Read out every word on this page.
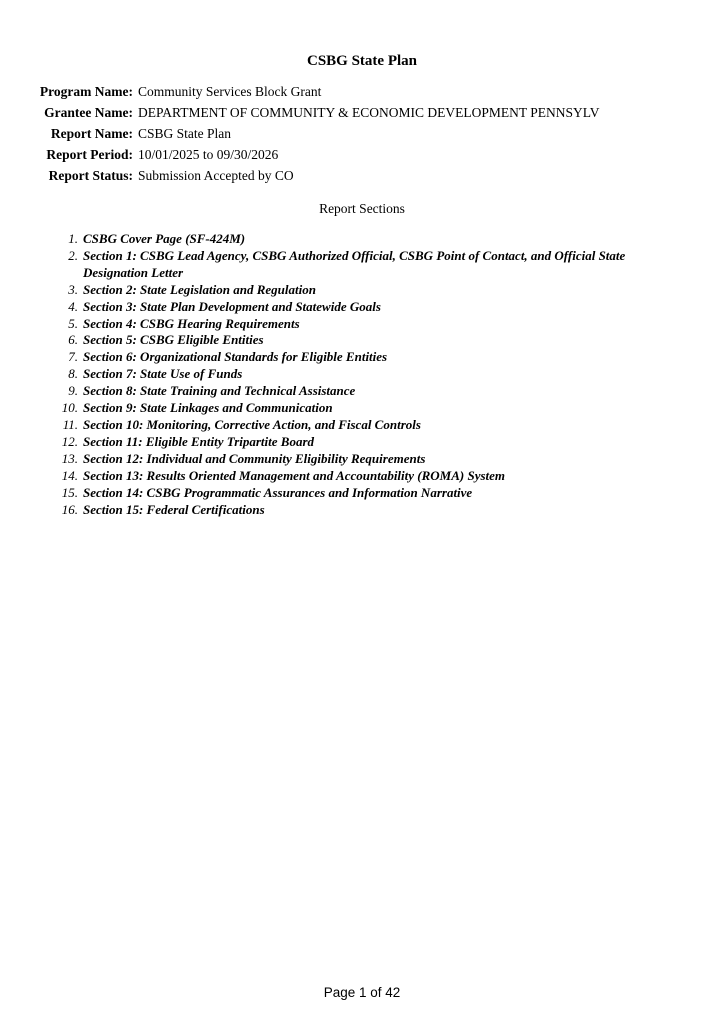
CSBG State Plan
Program Name: Community Services Block Grant
Grantee Name: DEPARTMENT OF COMMUNITY & ECONOMIC DEVELOPMENT PENNSYLV
Report Name: CSBG State Plan
Report Period: 10/01/2025 to 09/30/2026
Report Status: Submission Accepted by CO
Report Sections
1. CSBG Cover Page (SF-424M)
2. Section 1: CSBG Lead Agency, CSBG Authorized Official, CSBG Point of Contact, and Official State Designation Letter
3. Section 2: State Legislation and Regulation
4. Section 3: State Plan Development and Statewide Goals
5. Section 4: CSBG Hearing Requirements
6. Section 5: CSBG Eligible Entities
7. Section 6: Organizational Standards for Eligible Entities
8. Section 7: State Use of Funds
9. Section 8: State Training and Technical Assistance
10. Section 9: State Linkages and Communication
11. Section 10: Monitoring, Corrective Action, and Fiscal Controls
12. Section 11: Eligible Entity Tripartite Board
13. Section 12: Individual and Community Eligibility Requirements
14. Section 13: Results Oriented Management and Accountability (ROMA) System
15. Section 14: CSBG Programmatic Assurances and Information Narrative
16. Section 15: Federal Certifications
Page 1 of 42
